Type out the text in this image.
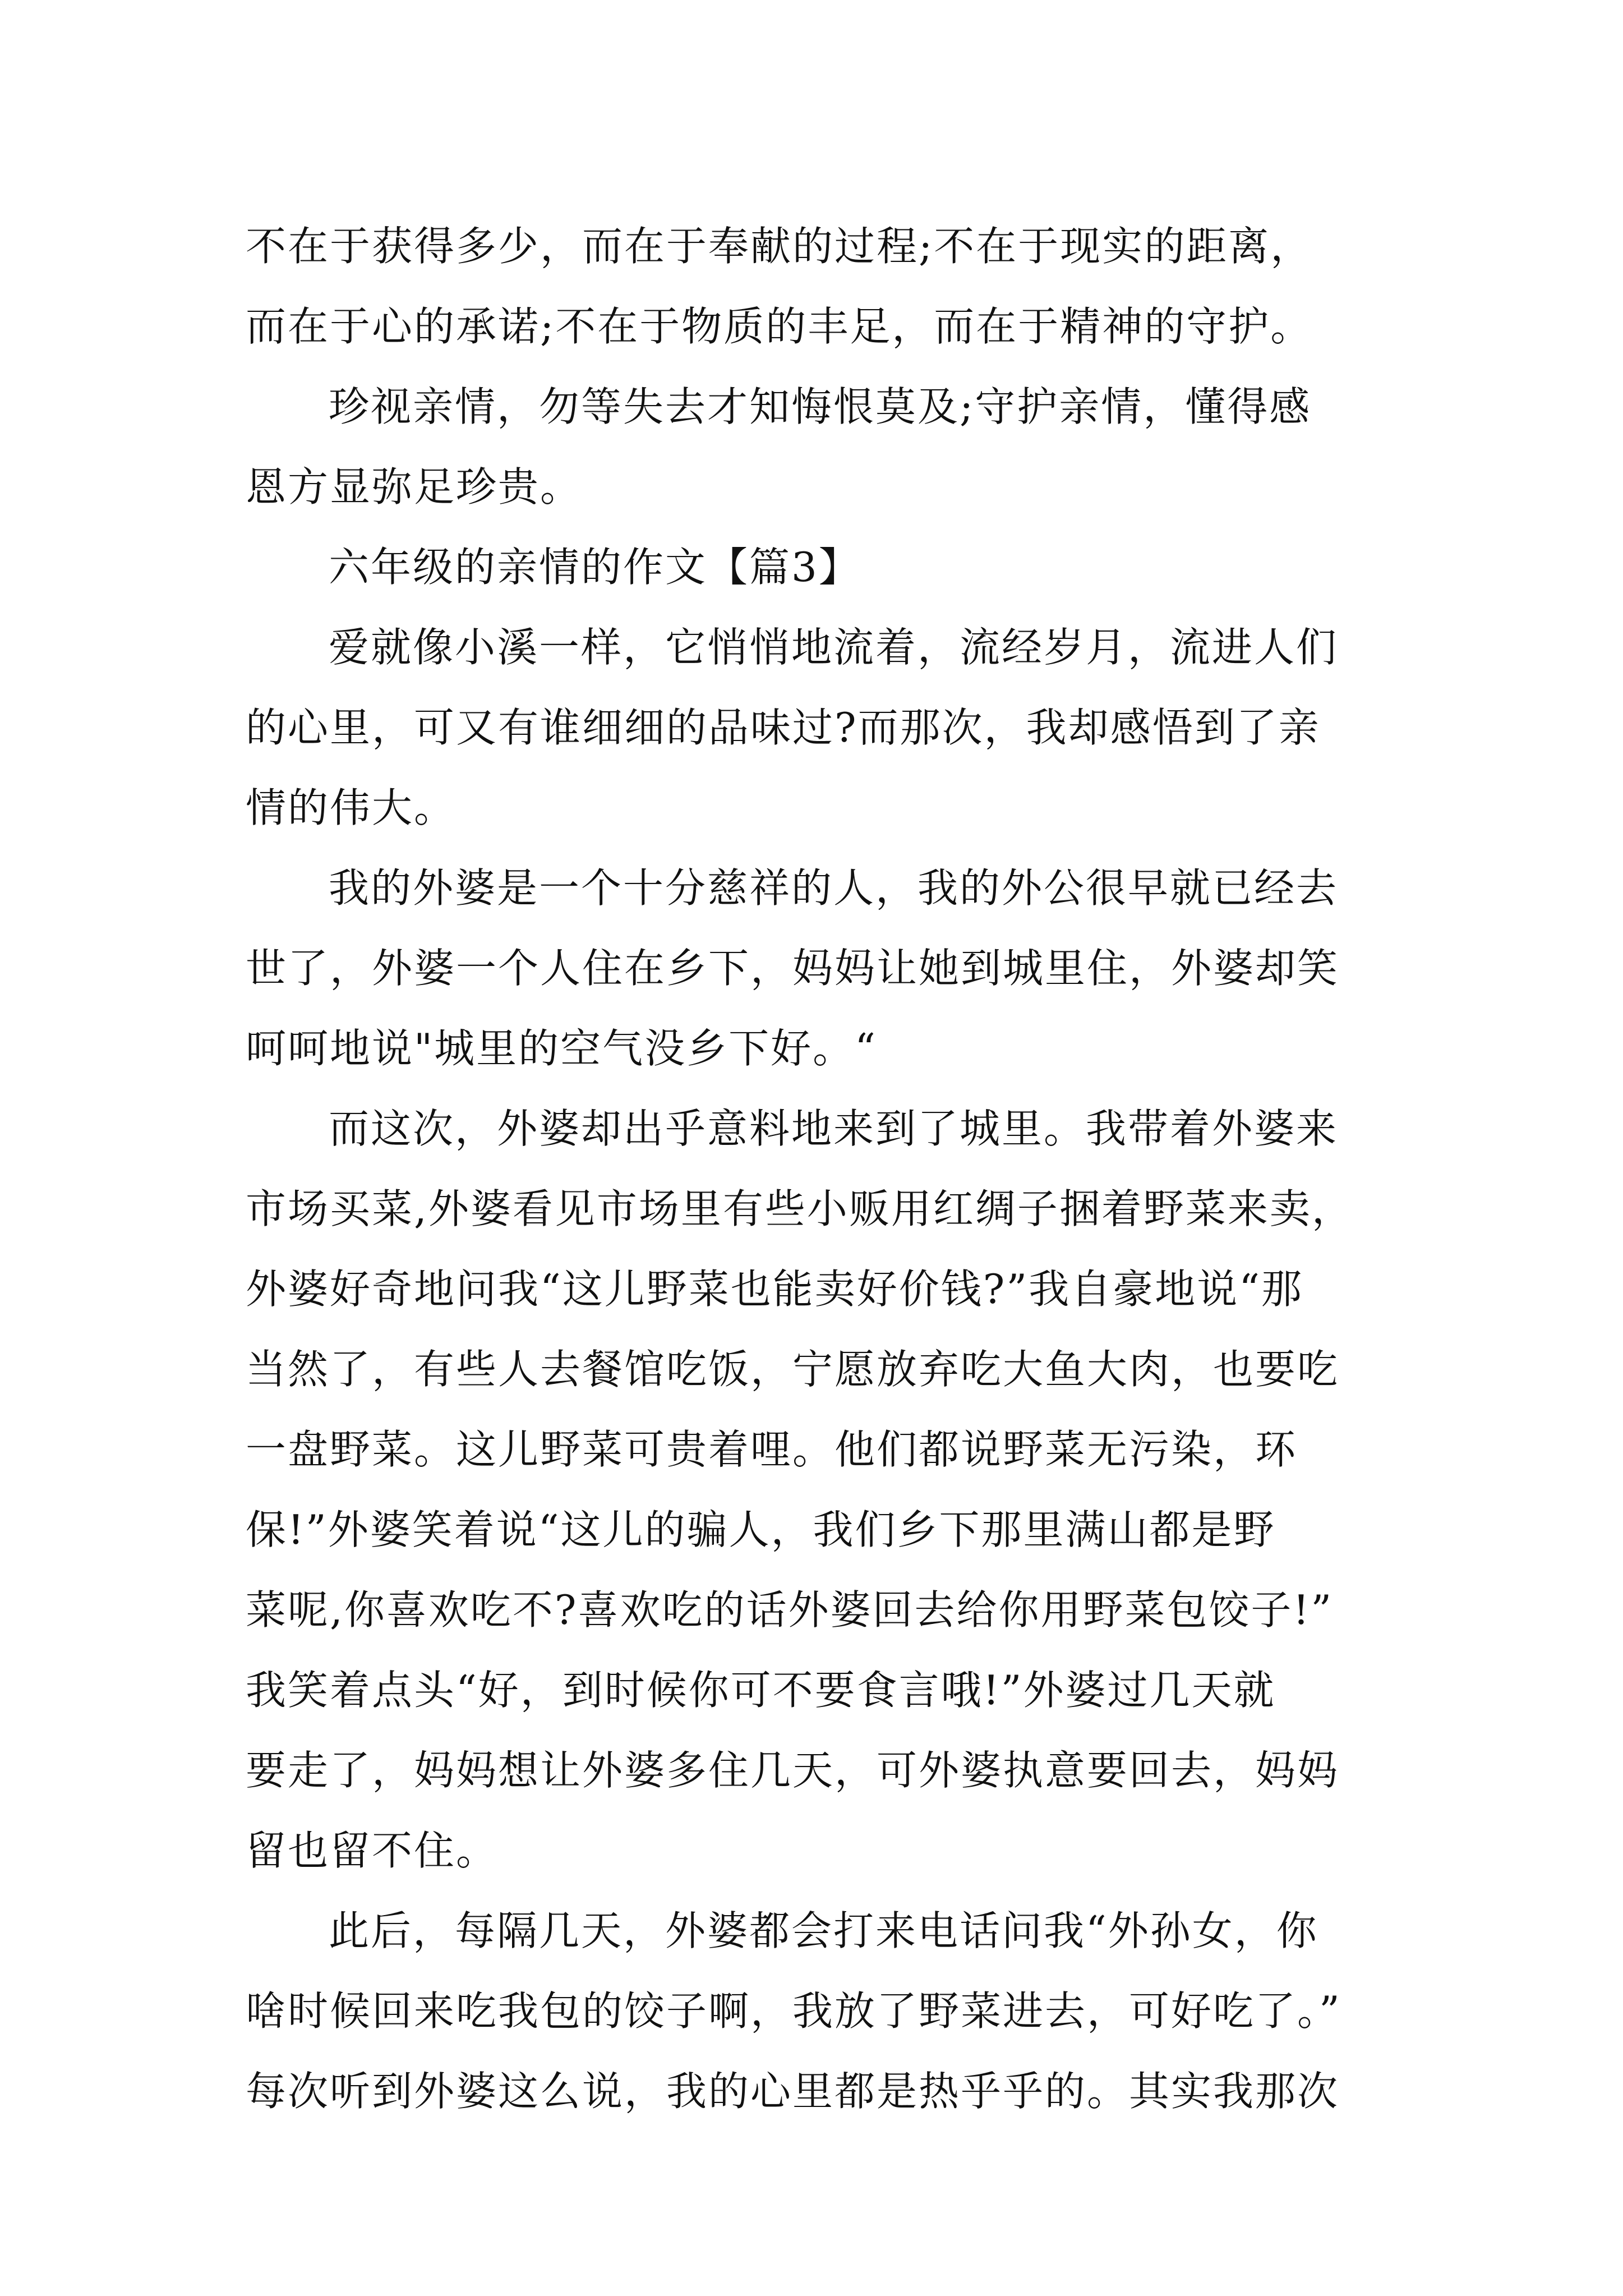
不在于获得多少，而在于奉献的过程;不在于现实的距离，
而在于心的承诺;不在于物质的丰足，而在于精神的守护。
珍视亲情，勿等失去才知悔恨莫及;守护亲情，懂得感
恩方显弥足珍贵。
六年级的亲情的作文【篇3】
爱就像小溪一样，它悄悄地流着，流经岁月，流进人们
的心里，可又有谁细细的品味过?而那次，我却感悟到了亲
情的伟大。
我的外婆是一个十分慈祥的人，我的外公很早就已经去
世了，外婆一个人住在乡下，妈妈让她到城里住，外婆却笑
呵呵地说"城里的空气没乡下好。“
而这次，外婆却出乎意料地来到了城里。我带着外婆来
市场买菜,外婆看见市场里有些小贩用红绸子捆着野菜来卖，
外婆好奇地问我“这儿野菜也能卖好价钱?”我自豪地说“那
当然了，有些人去餐馆吃饭，宁愿放弃吃大鱼大肉，也要吃
一盘野菜。这儿野菜可贵着哩。他们都说野菜无污染，环
保!”外婆笑着说“这儿的骗人，我们乡下那里满山都是野
菜呢,你喜欢吃不?喜欢吃的话外婆回去给你用野菜包饺子!”
我笑着点头“好，到时候你可不要食言哦!”外婆过几天就
要走了，妈妈想让外婆多住几天，可外婆执意要回去，妈妈
留也留不住。
此后，每隔几天，外婆都会打来电话问我“外孙女，你
啥时候回来吃我包的饺子啊，我放了野菜进去，可好吃了。”
每次听到外婆这么说，我的心里都是热乎乎的。其实我那次
